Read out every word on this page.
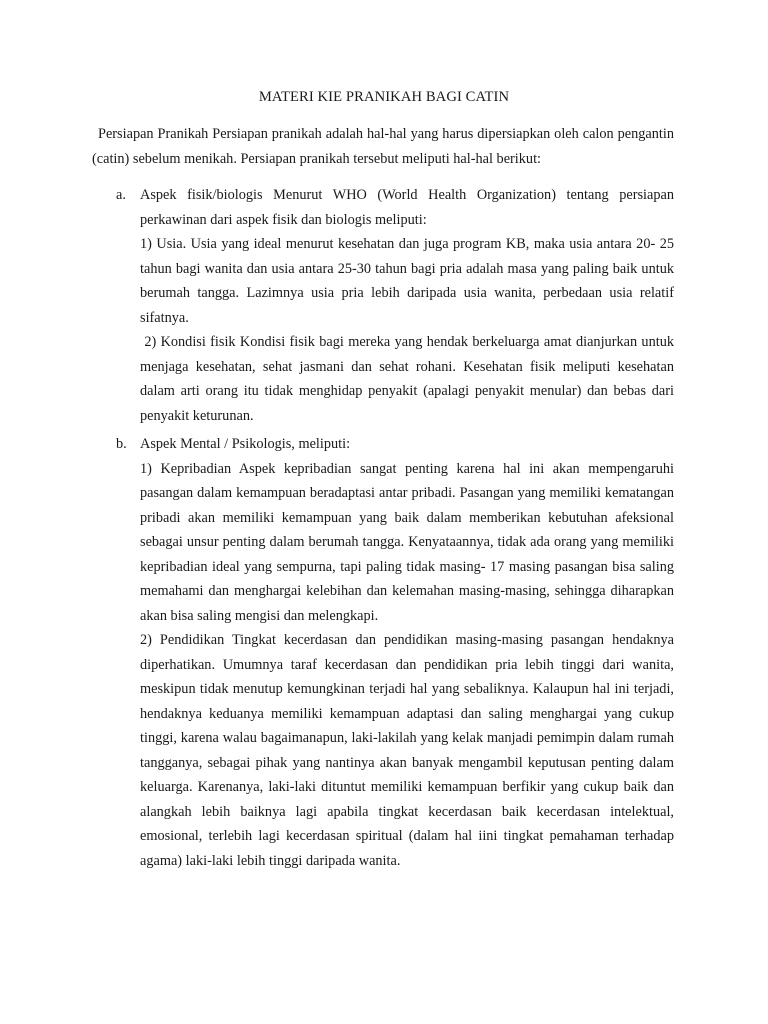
MATERI KIE PRANIKAH BAGI CATIN

Persiapan Pranikah Persiapan pranikah adalah hal-hal yang harus dipersiapkan oleh calon pengantin (catin) sebelum menikah. Persiapan pranikah tersebut meliputi hal-hal berikut:

a. Aspek fisik/biologis Menurut WHO (World Health Organization) tentang persiapan perkawinan dari aspek fisik dan biologis meliputi:

1) Usia. Usia yang ideal menurut kesehatan dan juga program KB, maka usia antara 20- 25 tahun bagi wanita dan usia antara 25-30 tahun bagi pria adalah masa yang paling baik untuk berumah tangga. Lazimnya usia pria lebih daripada usia wanita, perbedaan usia relatif sifatnya.

2) Kondisi fisik Kondisi fisik bagi mereka yang hendak berkeluarga amat dianjurkan untuk menjaga kesehatan, sehat jasmani dan sehat rohani. Kesehatan fisik meliputi kesehatan dalam arti orang itu tidak menghidap penyakit (apalagi penyakit menular) dan bebas dari penyakit keturunan.

b. Aspek Mental / Psikologis, meliputi:

1) Kepribadian Aspek kepribadian sangat penting karena hal ini akan mempengaruhi pasangan dalam kemampuan beradaptasi antar pribadi. Pasangan yang memiliki kematangan pribadi akan memiliki kemampuan yang baik dalam memberikan kebutuhan afeksional sebagai unsur penting dalam berumah tangga. Kenyataannya, tidak ada orang yang memiliki kepribadian ideal yang sempurna, tapi paling tidak masing- 17 masing pasangan bisa saling memahami dan menghargai kelebihan dan kelemahan masing-masing, sehingga diharapkan akan bisa saling mengisi dan melengkapi.

2) Pendidikan Tingkat kecerdasan dan pendidikan masing-masing pasangan hendaknya diperhatikan. Umumnya taraf kecerdasan dan pendidikan pria lebih tinggi dari wanita, meskipun tidak menutup kemungkinan terjadi hal yang sebaliknya. Kalaupun hal ini terjadi, hendaknya keduanya memiliki kemampuan adaptasi dan saling menghargai yang cukup tinggi, karena walau bagaimanapun, laki-lakilah yang kelak manjadi pemimpin dalam rumah tangganya, sebagai pihak yang nantinya akan banyak mengambil keputusan penting dalam keluarga. Karenanya, laki-laki dituntut memiliki kemampuan berfikir yang cukup baik dan alangkah lebih baiknya lagi apabila tingkat kecerdasan baik kecerdasan intelektual, emosional, terlebih lagi kecerdasan spiritual (dalam hal iini tingkat pemahaman terhadap agama) laki-laki lebih tinggi daripada wanita.
